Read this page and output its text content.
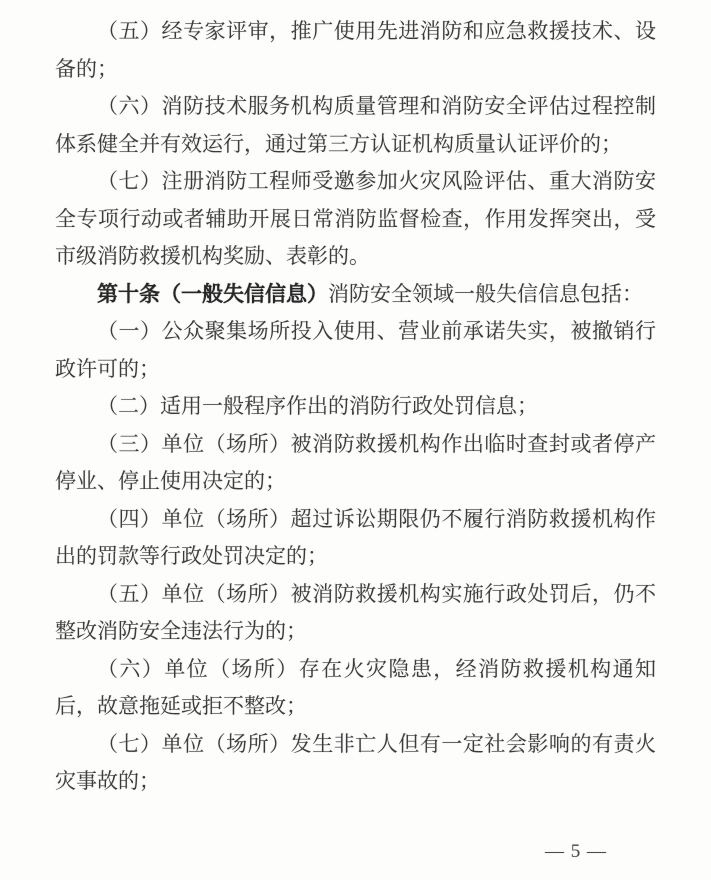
（五）经专家评审，推广使用先进消防和应急救援技术、设备的；

（六）消防技术服务机构质量管理和消防安全评估过程控制体系健全并有效运行，通过第三方认证机构质量认证评价的；

（七）注册消防工程师受邀参加火灾风险评估、重大消防安全专项行动或者辅助开展日常消防监督检查，作用发挥突出，受市级消防救援机构奖励、表彰的。

第十条（一般失信信息）消防安全领域一般失信信息包括：

（一）公众聚集场所投入使用、营业前承诺失实，被撤销行政许可的；

（二）适用一般程序作出的消防行政处罚信息；

（三）单位（场所）被消防救援机构作出临时查封或者停产停业、停止使用决定的；

（四）单位（场所）超过诉讼期限仍不履行消防救援机构作出的罚款等行政处罚决定的；

（五）单位（场所）被消防救援机构实施行政处罚后，仍不整改消防安全违法行为的；

（六）单位（场所）存在火灾隐患，经消防救援机构通知后，故意拖延或拒不整改；

（七）单位（场所）发生非亡人但有一定社会影响的有责火灾事故的；

— 5 —
